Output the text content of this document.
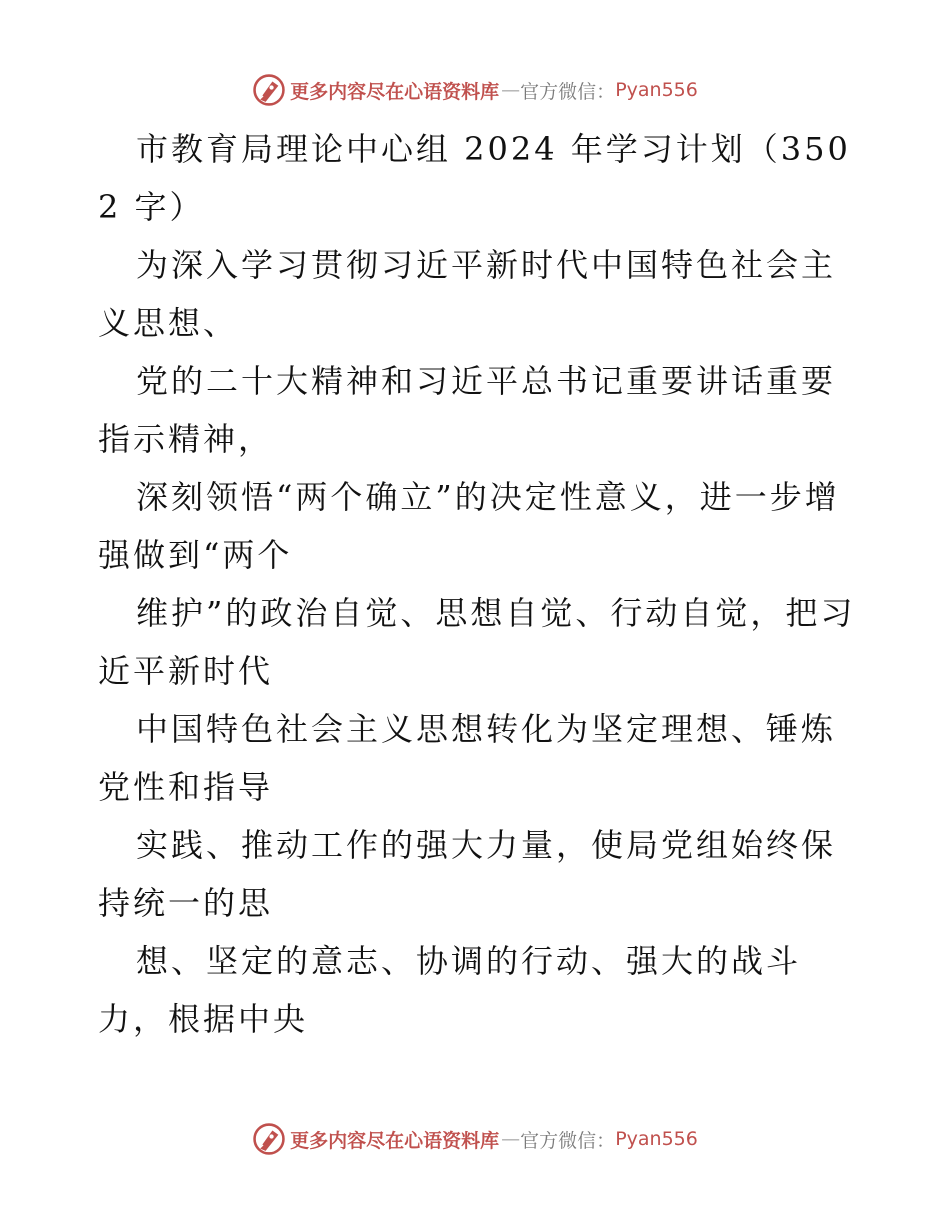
更多内容尽在心语资料库 — 官方微信： Pyan556

市教育局理论中心组 2024 年学习计划（3502 字）

为深入学习贯彻习近平新时代中国特色社会主义思想、

党的二十大精神和习近平总书记重要讲话重要指示精神，

深刻领悟“两个确立”的决定性意义，进一步增强做到“两个

维护”的政治自觉、思想自觉、行动自觉，把习近平新时代

中国特色社会主义思想转化为坚定理想、锤炼党性和指导

实践、推动工作的强大力量，使局党组始终保持统一的思

想、坚定的意志、协调的行动、强大的战斗力，根据中央

更多内容尽在心语资料库 — 官方微信： Pyan556
